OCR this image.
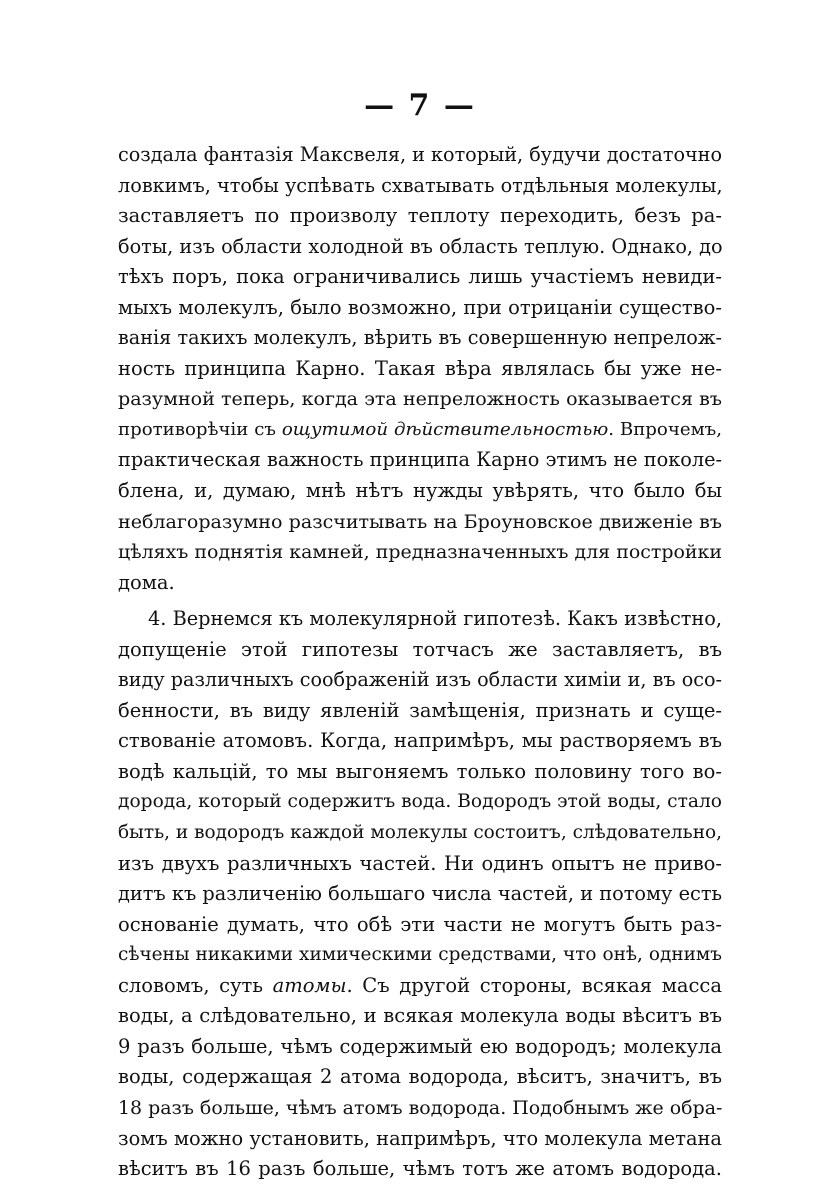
— 7 —
создала фантазія Максвеля, и который, будучи достаточно
ловкимъ, чтобы успѣвать схватывать отдѣльныя молекулы,
заставляетъ по произволу теплоту переходить, безъ ра-
боты, изъ области холодной въ область теплую. Однако, до
тѣхъ поръ, пока ограничивались лишь участіемъ невиди-
мыхъ молекулъ, было возможно, при отрицаніи существо-
ванія такихъ молекулъ, вѣрить въ совершенную непрелож-
ность принципа Карно. Такая вѣра являлась бы уже не-
разумной теперь, когда эта непреложность оказывается въ
противорѣчіи съ ощутимой дѣйствительностью. Впрочемъ,
практическая важность принципа Карно этимъ не поколе-
блена, и, думаю, мнѣ нѣтъ нужды увѣрять, что было бы
неблагоразумно разсчитывать на Броуновское движеніе въ
цѣляхъ поднятія камней, предназначенныхъ для постройки
дома.
4. Вернемся къ молекулярной гипотезѣ. Какъ извѣстно,
допущеніе этой гипотезы тотчасъ же заставляетъ, въ
виду различныхъ соображеній изъ области химіи и, въ осо-
бенности, въ виду явленій замѣщенія, признать и суще-
ствованіе атомовъ. Когда, напримѣръ, мы растворяемъ въ
водѣ кальцій, то мы выгоняемъ только половину того во-
дорода, который содержитъ вода. Водородъ этой воды, стало
быть, и водородъ каждой молекулы состоитъ, слѣдовательно,
изъ двухъ различныхъ частей. Ни одинъ опытъ не приво-
дитъ къ различенію большаго числа частей, и потому есть
основаніе думать, что обѣ эти части не могутъ быть раз-
сѣчены никакими химическими средствами, что онѣ, однимъ
словомъ, суть атомы. Съ другой стороны, всякая масса
воды, а слѣдовательно, и всякая молекула воды вѣситъ въ
9 разъ больше, чѣмъ содержимый ею водородъ; молекула
воды, содержащая 2 атома водорода, вѣситъ, значитъ, въ
18 разъ больше, чѣмъ атомъ водорода. Подобнымъ же обра-
зомъ можно установить, напримѣръ, что молекула метана
вѣситъ въ 16 разъ больше, чѣмъ тотъ же атомъ водорода.
